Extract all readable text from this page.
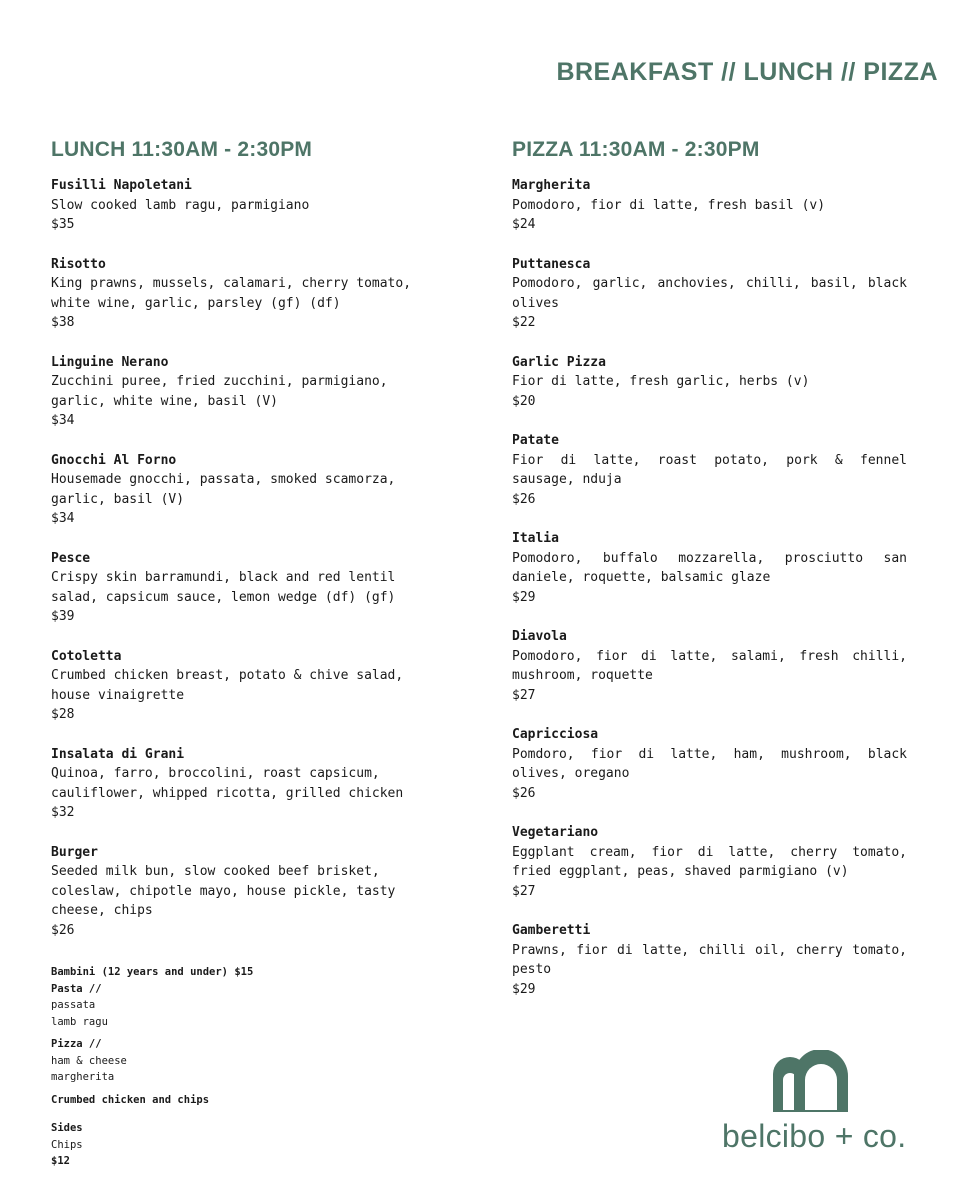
BREAKFAST // LUNCH // PIZZA
LUNCH 11:30AM - 2:30PM
Fusilli Napoletani
Slow cooked lamb ragu, parmigiano
$35
Risotto
King prawns, mussels, calamari, cherry tomato,
white wine, garlic, parsley (gf) (df)
$38
Linguine Nerano
Zucchini puree, fried zucchini, parmigiano,
garlic, white wine, basil (V)
$34
Gnocchi Al Forno
Housemade gnocchi, passata, smoked scamorza,
garlic, basil (V)
$34
Pesce
Crispy skin barramundi, black and red lentil
salad, capsicum sauce, lemon wedge (df) (gf)
$39
Cotoletta
Crumbed chicken breast, potato & chive salad,
house vinaigrette
$28
Insalata di Grani
Quinoa, farro, broccolini, roast capsicum,
cauliflower, whipped ricotta, grilled chicken
$32
Burger
Seeded milk bun, slow cooked beef brisket,
coleslaw, chipotle mayo, house pickle, tasty
cheese, chips
$26
Bambini (12 years and under) $15
Pasta //
passata
lamb ragu
Pizza //
ham & cheese
margherita
Crumbed chicken and chips
Sides
Chips
$12
PIZZA 11:30AM - 2:30PM
Margherita
Pomodoro, fior di latte, fresh basil (v)
$24
Puttanesca
Pomodoro, garlic, anchovies, chilli, basil, black olives
$22
Garlic Pizza
Fior di latte, fresh garlic, herbs (v)
$20
Patate
Fior di latte, roast potato, pork & fennel sausage, nduja
$26
Italia
Pomodoro, buffalo mozzarella, prosciutto san daniele, roquette, balsamic glaze
$29
Diavola
Pomodoro, fior di latte, salami, fresh chilli, mushroom, roquette
$27
Capricciosa
Pomdoro, fior di latte, ham, mushroom, black olives, oregano
$26
Vegetariano
Eggplant cream, fior di latte, cherry tomato, fried eggplant, peas, shaved parmigiano (v)
$27
Gamberetti
Prawns, fior di latte, chilli oil, cherry tomato, pesto
$29
belcibo + co.
